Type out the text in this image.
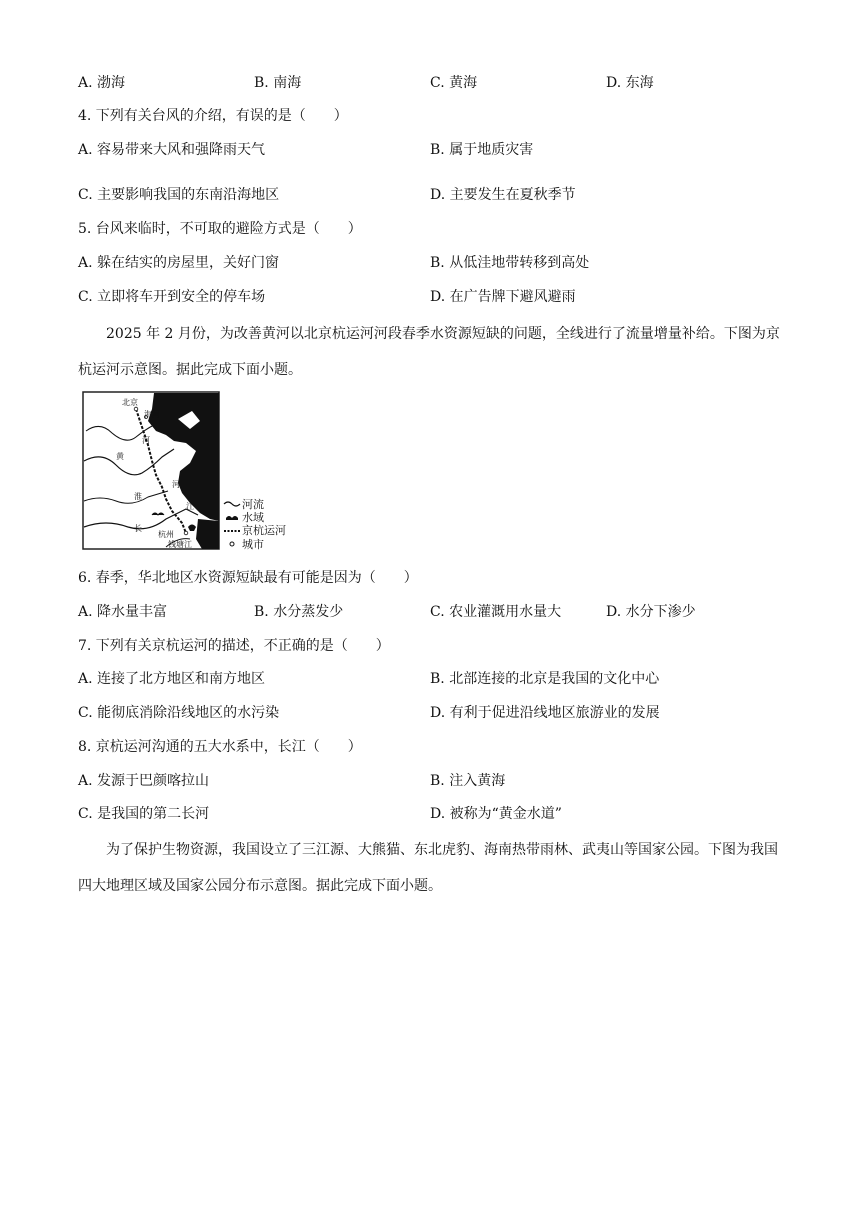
A. 渤海	B. 南海	C. 黄海	D. 东海
4. 下列有关台风的介绍，有误的是（　　）
A. 容易带来大风和强降雨天气	B. 属于地质灾害
C. 主要影响我国的东南沿海地区	D. 主要发生在夏秋季节
5. 台风来临时，不可取的避险方式是（　　）
A. 躲在结实的房屋里，关好门窗	B. 从低洼地带转移到高处
C. 立即将车开到安全的停车场	D. 在广告牌下避风避雨
2025 年 2 月份，为改善黄河以北京杭运河河段春季水资源短缺的问题，全线进行了流量增量补给。下图为京杭运河示意图。据此完成下面小题。
北京
海河
河
黄
河
淮
长
江
杭州
钱塘江
河流
水域
京杭运河
城市
6. 春季，华北地区水资源短缺最有可能是因为（　　）
A. 降水量丰富	B. 水分蒸发少	C. 农业灌溉用水量大	D. 水分下渗少
7. 下列有关京杭运河的描述，不正确的是（　　）
A. 连接了北方地区和南方地区	B. 北部连接的北京是我国的文化中心
C. 能彻底消除沿线地区的水污染	D. 有利于促进沿线地区旅游业的发展
8. 京杭运河沟通的五大水系中，长江（　　）
A. 发源于巴颜喀拉山	B. 注入黄海
C. 是我国的第二长河	D. 被称为“黄金水道”
为了保护生物资源，我国设立了三江源、大熊猫、东北虎豹、海南热带雨林、武夷山等国家公园。下图为我国四大地理区域及国家公园分布示意图。据此完成下面小题。
